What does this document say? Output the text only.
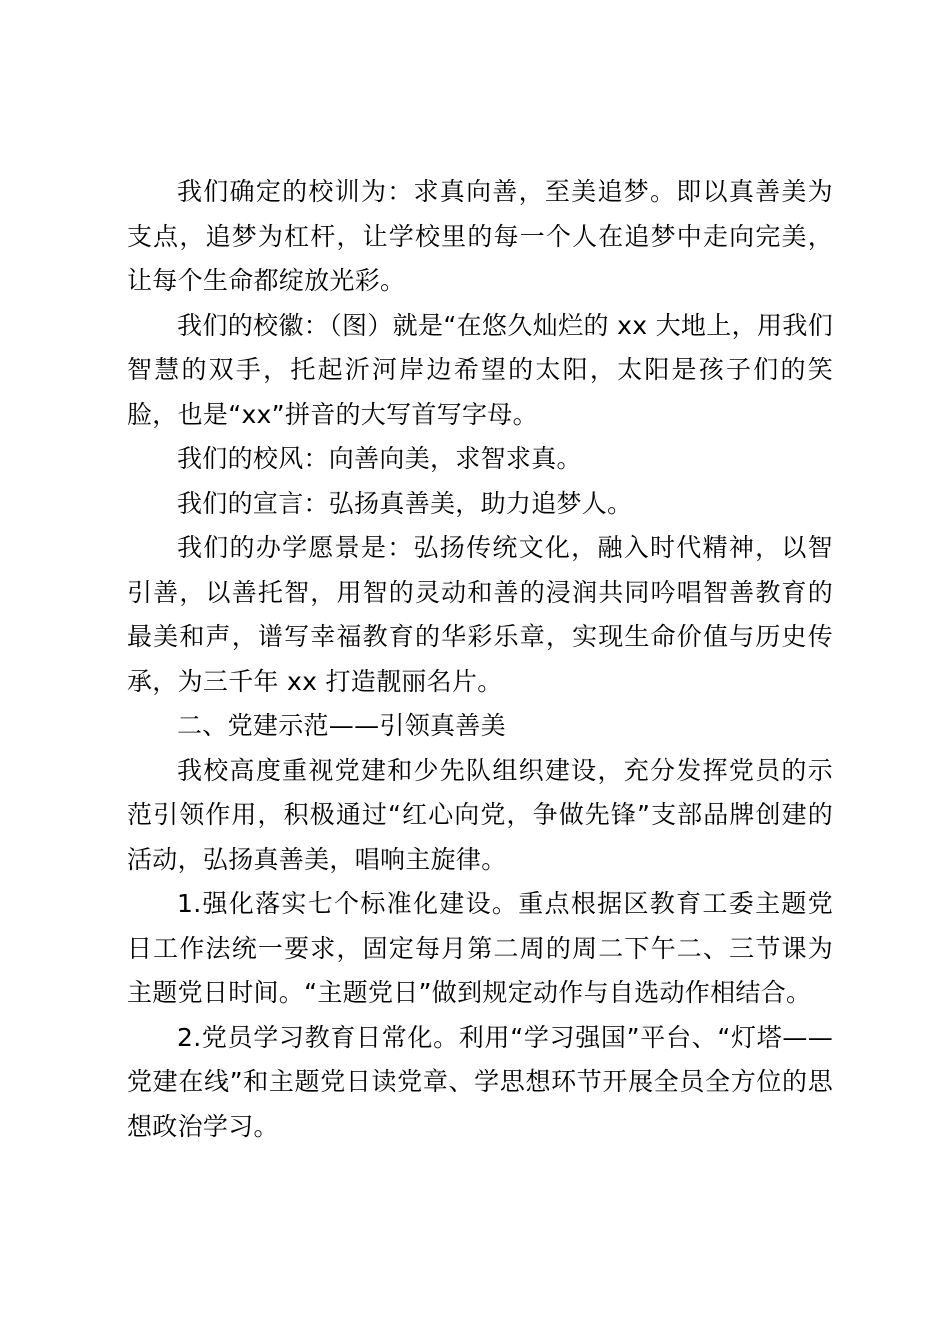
我们确定的校训为：求真向善，至美追梦。即以真善美为支点，追梦为杠杆，让学校里的每一个人在追梦中走向完美，让每个生命都绽放光彩。

我们的校徽：（图）就是“在悠久灿烂的 xx 大地上，用我们智慧的双手，托起沂河岸边希望的太阳，太阳是孩子们的笑脸，也是“xx”拼音的大写首写字母。

我们的校风：向善向美，求智求真。

我们的宣言：弘扬真善美，助力追梦人。

我们的办学愿景是：弘扬传统文化，融入时代精神，以智引善，以善托智，用智的灵动和善的浸润共同吟唱智善教育的最美和声，谱写幸福教育的华彩乐章，实现生命价值与历史传承，为三千年 xx 打造靓丽名片。

二、党建示范——引领真善美

我校高度重视党建和少先队组织建设，充分发挥党员的示范引领作用，积极通过“红心向党，争做先锋”支部品牌创建的活动，弘扬真善美，唱响主旋律。

1.强化落实七个标准化建设。重点根据区教育工委主题党日工作法统一要求，固定每月第二周的周二下午二、三节课为主题党日时间。“主题党日”做到规定动作与自选动作相结合。

2.党员学习教育日常化。利用“学习强国”平台、“灯塔——党建在线”和主题党日读党章、学思想环节开展全员全方位的思想政治学习。
